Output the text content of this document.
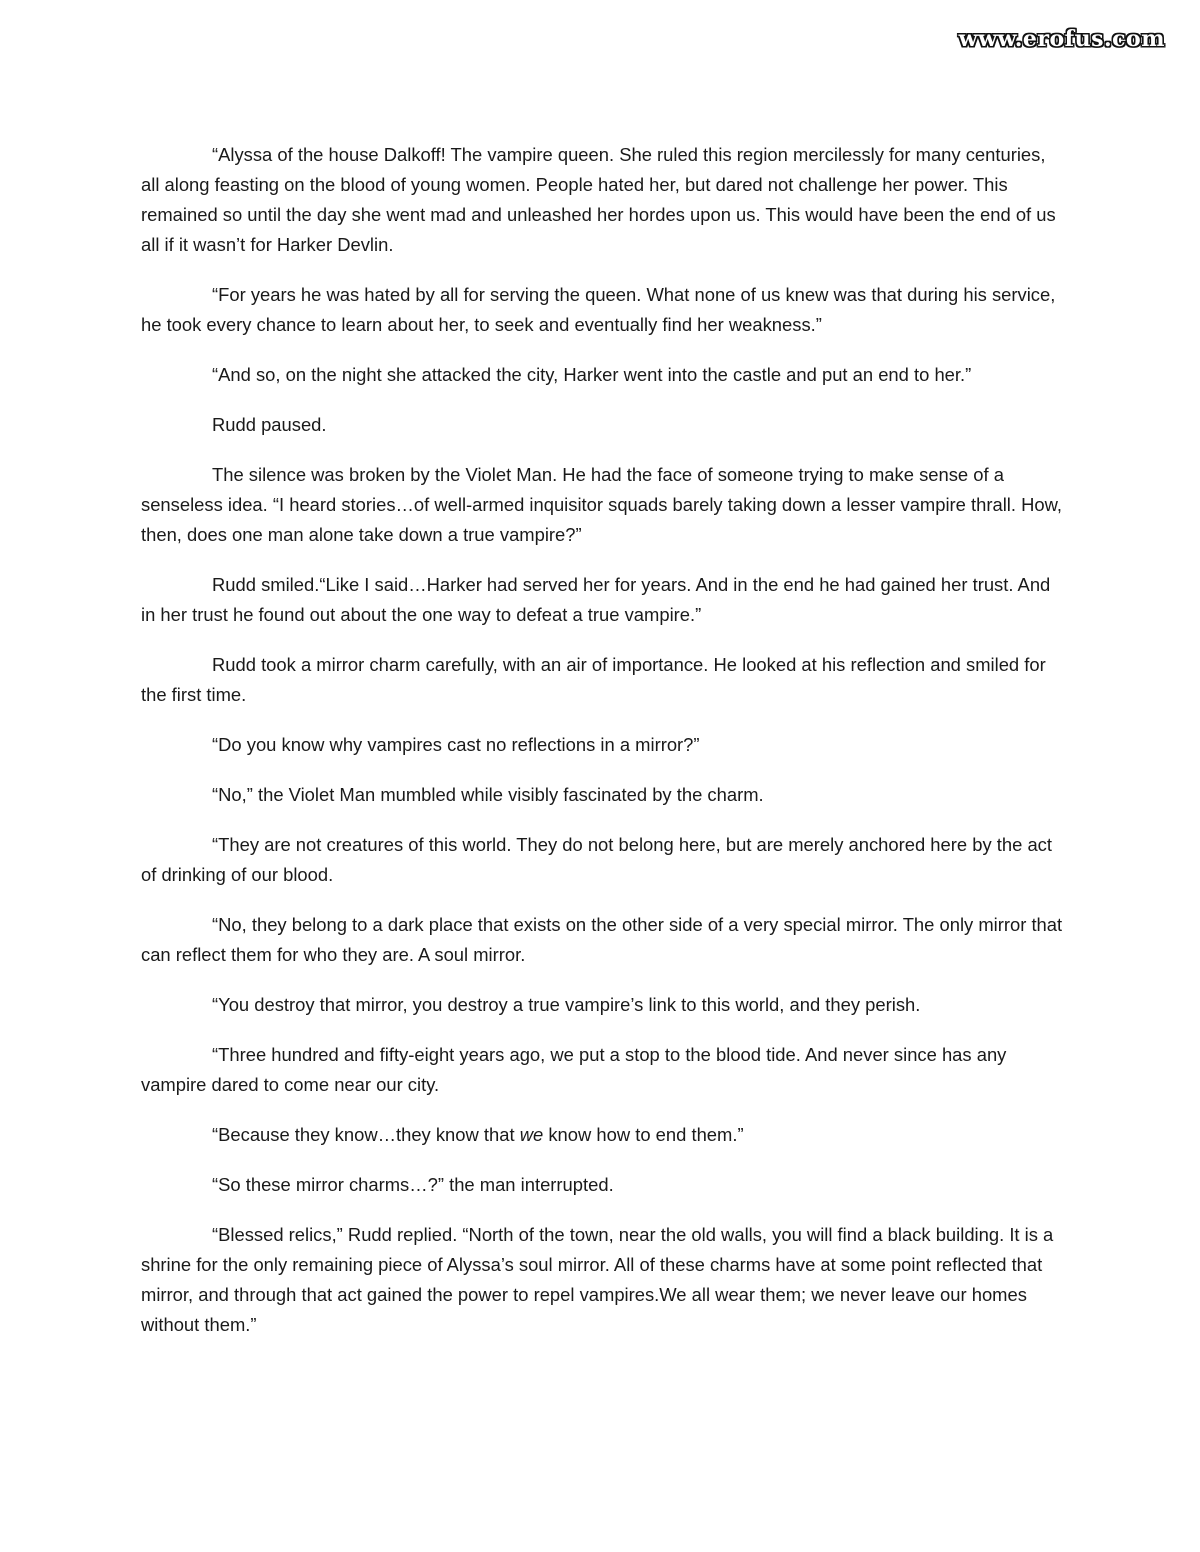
www.erofus.com

“Alyssa of the house Dalkoff! The vampire queen. She ruled this region mercilessly for many centuries, all along feasting on the blood of young women. People hated her, but dared not challenge her power. This remained so until the day she went mad and unleashed her hordes upon us. This would have been the end of us all if it wasn’t for Harker Devlin.

“For years he was hated by all for serving the queen. What none of us knew was that during his service, he took every chance to learn about her, to seek and eventually find her weakness.”

“And so, on the night she attacked the city, Harker went into the castle and put an end to her.”

Rudd paused.

The silence was broken by the Violet Man. He had the face of someone trying to make sense of a senseless idea. “I heard stories…of well-armed inquisitor squads barely taking down a lesser vampire thrall. How, then, does one man alone take down a true vampire?”

Rudd smiled.“Like I said…Harker had served her for years. And in the end he had gained her trust. And in her trust he found out about the one way to defeat a true vampire.”

Rudd took a mirror charm carefully, with an air of importance. He looked at his reflection and smiled for the first time.

“Do you know why vampires cast no reflections in a mirror?”

“No,” the Violet Man mumbled while visibly fascinated by the charm.

“They are not creatures of this world. They do not belong here, but are merely anchored here by the act of drinking of our blood.

“No, they belong to a dark place that exists on the other side of a very special mirror. The only mirror that can reflect them for who they are. A soul mirror.

“You destroy that mirror, you destroy a true vampire’s link to this world, and they perish.

“Three hundred and fifty-eight years ago, we put a stop to the blood tide. And never since has any vampire dared to come near our city.

“Because they know…they know that we know how to end them.”

“So these mirror charms…?” the man interrupted.

“Blessed relics,” Rudd replied. “North of the town, near the old walls, you will find a black building. It is a shrine for the only remaining piece of Alyssa’s soul mirror. All of these charms have at some point reflected that mirror, and through that act gained the power to repel vampires.We all wear them; we never leave our homes without them.”
